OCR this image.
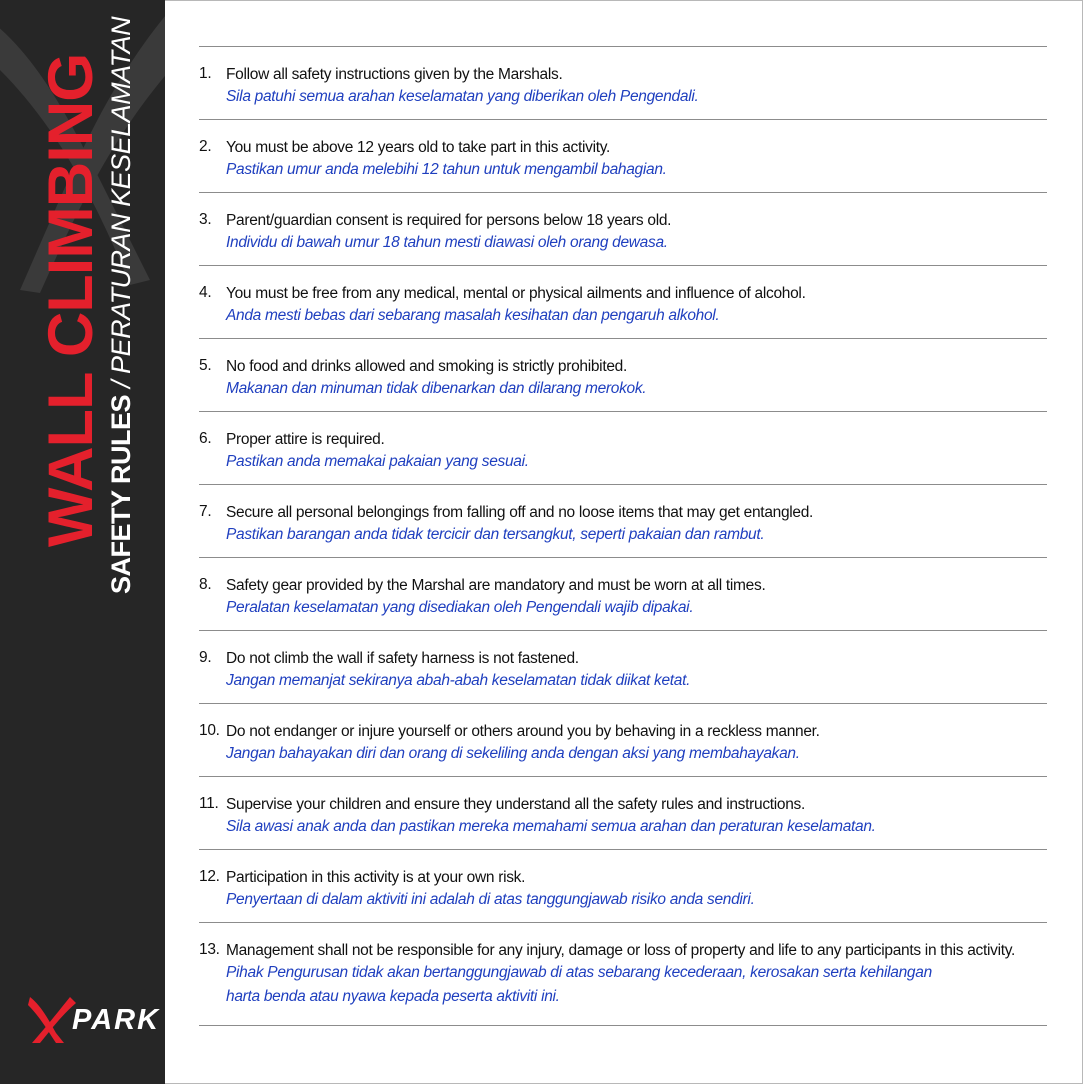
WALL CLIMBING SAFETY RULES / PERATURAN KESELAMATAN
PARK
1. Follow all safety instructions given by the Marshals.
Sila patuhi semua arahan keselamatan yang diberikan oleh Pengendali.
2. You must be above 12 years old to take part in this activity.
Pastikan umur anda melebihi 12 tahun untuk mengambil bahagian.
3. Parent/guardian consent is required for persons below 18 years old.
Individu di bawah umur 18 tahun mesti diawasi oleh orang dewasa.
4. You must be free from any medical, mental or physical ailments and influence of alcohol.
Anda mesti bebas dari sebarang masalah kesihatan dan pengaruh alkohol.
5. No food and drinks allowed and smoking is strictly prohibited.
Makanan dan minuman tidak dibenarkan dan dilarang merokok.
6. Proper attire is required.
Pastikan anda memakai pakaian yang sesuai.
7. Secure all personal belongings from falling off and no loose items that may get entangled.
Pastikan barangan anda tidak tercicir dan tersangkut, seperti pakaian dan rambut.
8. Safety gear provided by the Marshal are mandatory and must be worn at all times.
Peralatan keselamatan yang disediakan oleh Pengendali wajib dipakai.
9. Do not climb the wall if safety harness is not fastened.
Jangan memanjat sekiranya abah-abah keselamatan tidak diikat ketat.
10. Do not endanger or injure yourself or others around you by behaving in a reckless manner.
Jangan bahayakan diri dan orang di sekeliling anda dengan aksi yang membahayakan.
11. Supervise your children and ensure they understand all the safety rules and instructions.
Sila awasi anak anda dan pastikan mereka memahami semua arahan dan peraturan keselamatan.
12. Participation in this activity is at your own risk.
Penyertaan di dalam aktiviti ini adalah di atas tanggungjawab risiko anda sendiri.
13. Management shall not be responsible for any injury, damage or loss of property and life to any participants in this activity.
Pihak Pengurusan tidak akan bertanggungjawab di atas sebarang kecederaan, kerosakan serta kehilangan
harta benda atau nyawa kepada peserta aktiviti ini.
